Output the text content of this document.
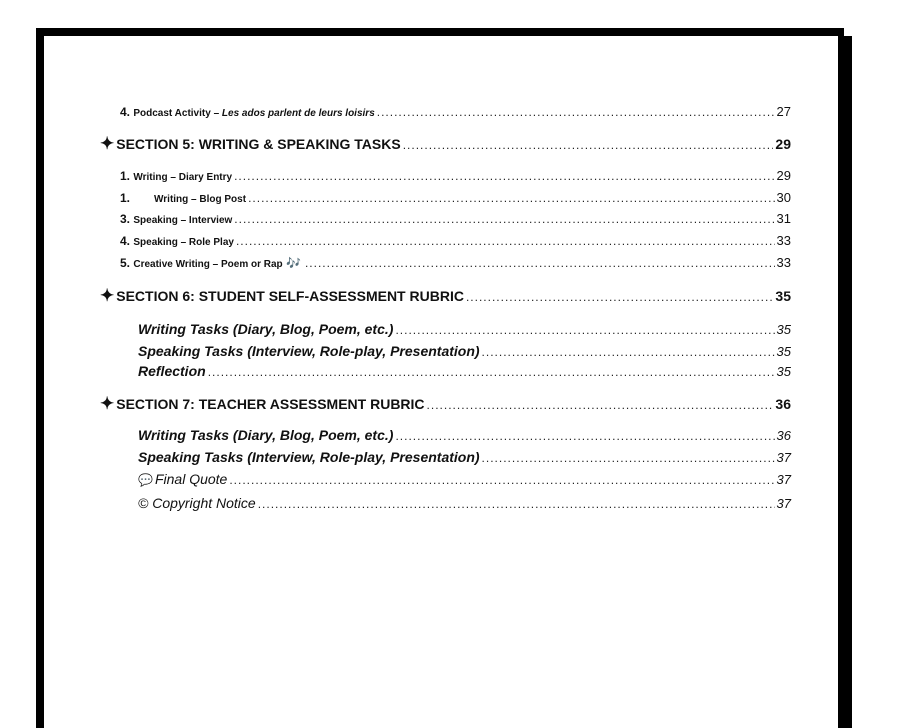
4. Podcast Activity – Les ados parlent de leurs loisirs .....	27
✦ SECTION 5: WRITING & SPEAKING TASKS .....	29
1. Writing – Diary Entry .....	29
1. Writing – Blog Post .....	30
3. Speaking – Interview .....	31
4. Speaking – Role Play .....	33
5. Creative Writing – Poem or Rap 🎶 .....	33
✦ SECTION 6: STUDENT SELF-ASSESSMENT RUBRIC .....	35
Writing Tasks (Diary, Blog, Poem, etc.) .....	35
Speaking Tasks (Interview, Role-play, Presentation) .....	35
Reflection .....	35
✦ SECTION 7: TEACHER ASSESSMENT RUBRIC .....	36
Writing Tasks (Diary, Blog, Poem, etc.) .....	36
Speaking Tasks (Interview, Role-play, Presentation) .....	37
💬 Final Quote .....	37
© Copyright Notice .....	37
